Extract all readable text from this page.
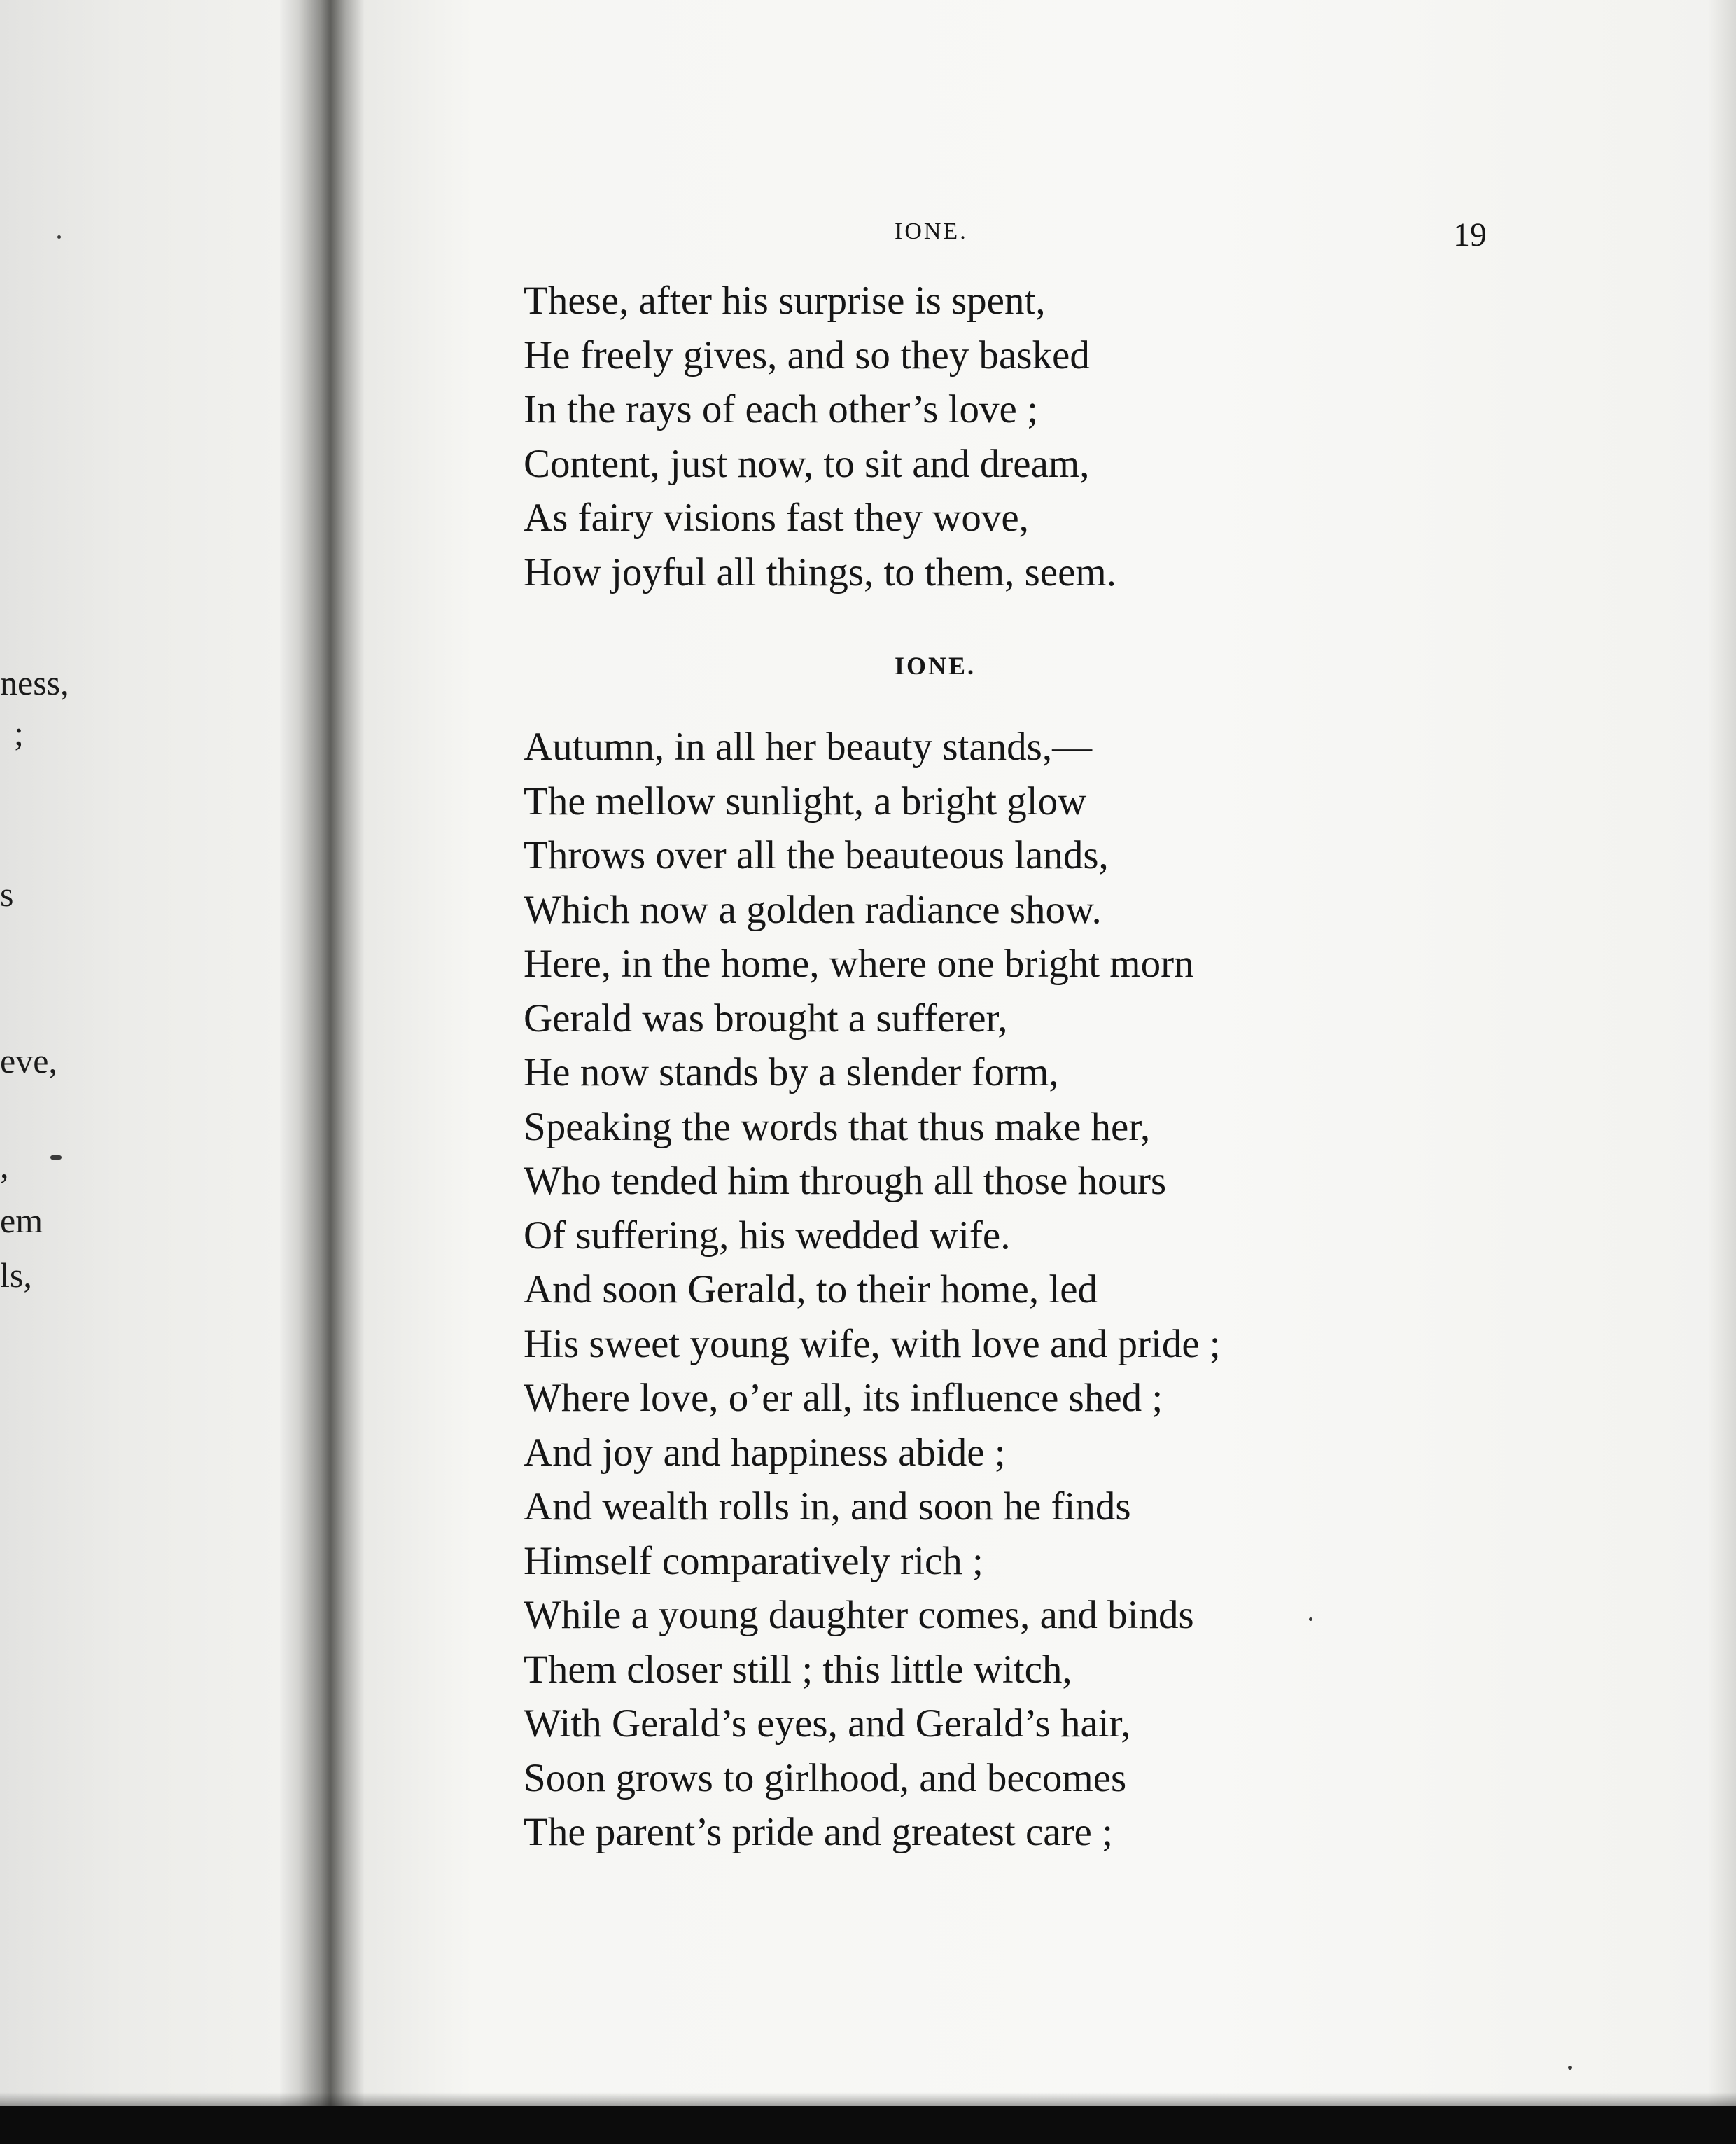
ness,
;
s
eve,
,
em
ls,
IONE.	19
These, after his surprise is spent,
He freely gives, and so they basked
In the rays of each other’s love ;
Content, just now, to sit and dream,
As fairy visions fast they wove,
How joyful all things, to them, seem.
IONE.
Autumn, in all her beauty stands,—
The mellow sunlight, a bright glow
Throws over all the beauteous lands,
Which now a golden radiance show.
Here, in the home, where one bright morn
Gerald was brought a sufferer,
He now stands by a slender form,
Speaking the words that thus make her,
Who tended him through all those hours
Of suffering, his wedded wife.
And soon Gerald, to their home, led
His sweet young wife, with love and pride ;
Where love, o’er all, its influence shed ;
And joy and happiness abide ;
And wealth rolls in, and soon he finds
Himself comparatively rich ;
While a young daughter comes, and binds
Them closer still ; this little witch,
With Gerald’s eyes, and Gerald’s hair,
Soon grows to girlhood, and becomes
The parent’s pride and greatest care ;
